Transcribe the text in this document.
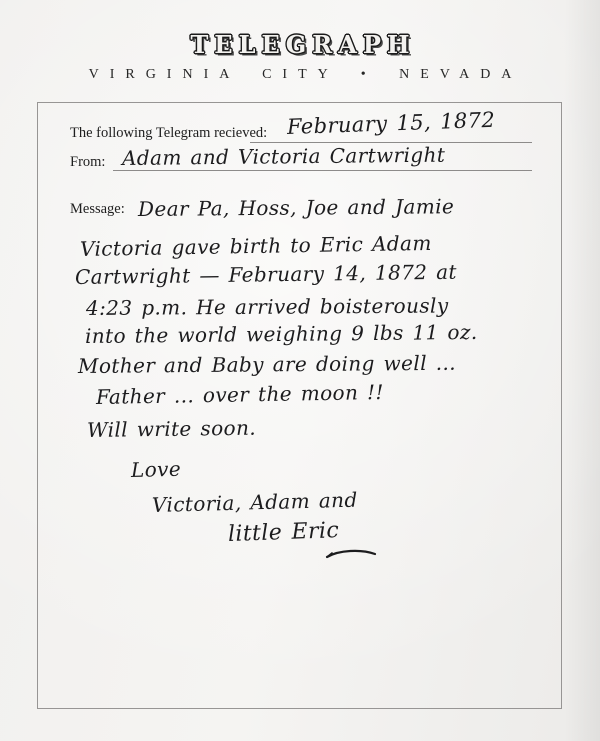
TELEGRAPH
VIRGINIA CITY • NEVADA
The following Telegram recieved: February 15, 1872
From: Adam and Victoria Cartwright
Message: Dear Pa, Hoss, Joe and Jamie
Victoria gave birth to Eric Adam
Cartwright — February 14, 1872 at
4:23 p.m. He arrived boisterously
into the world weighing 9 lbs 11 oz.
Mother and Baby are doing well ...
Father ... over the moon !!
Will write soon.
Love
Victoria, Adam and
little Eric
